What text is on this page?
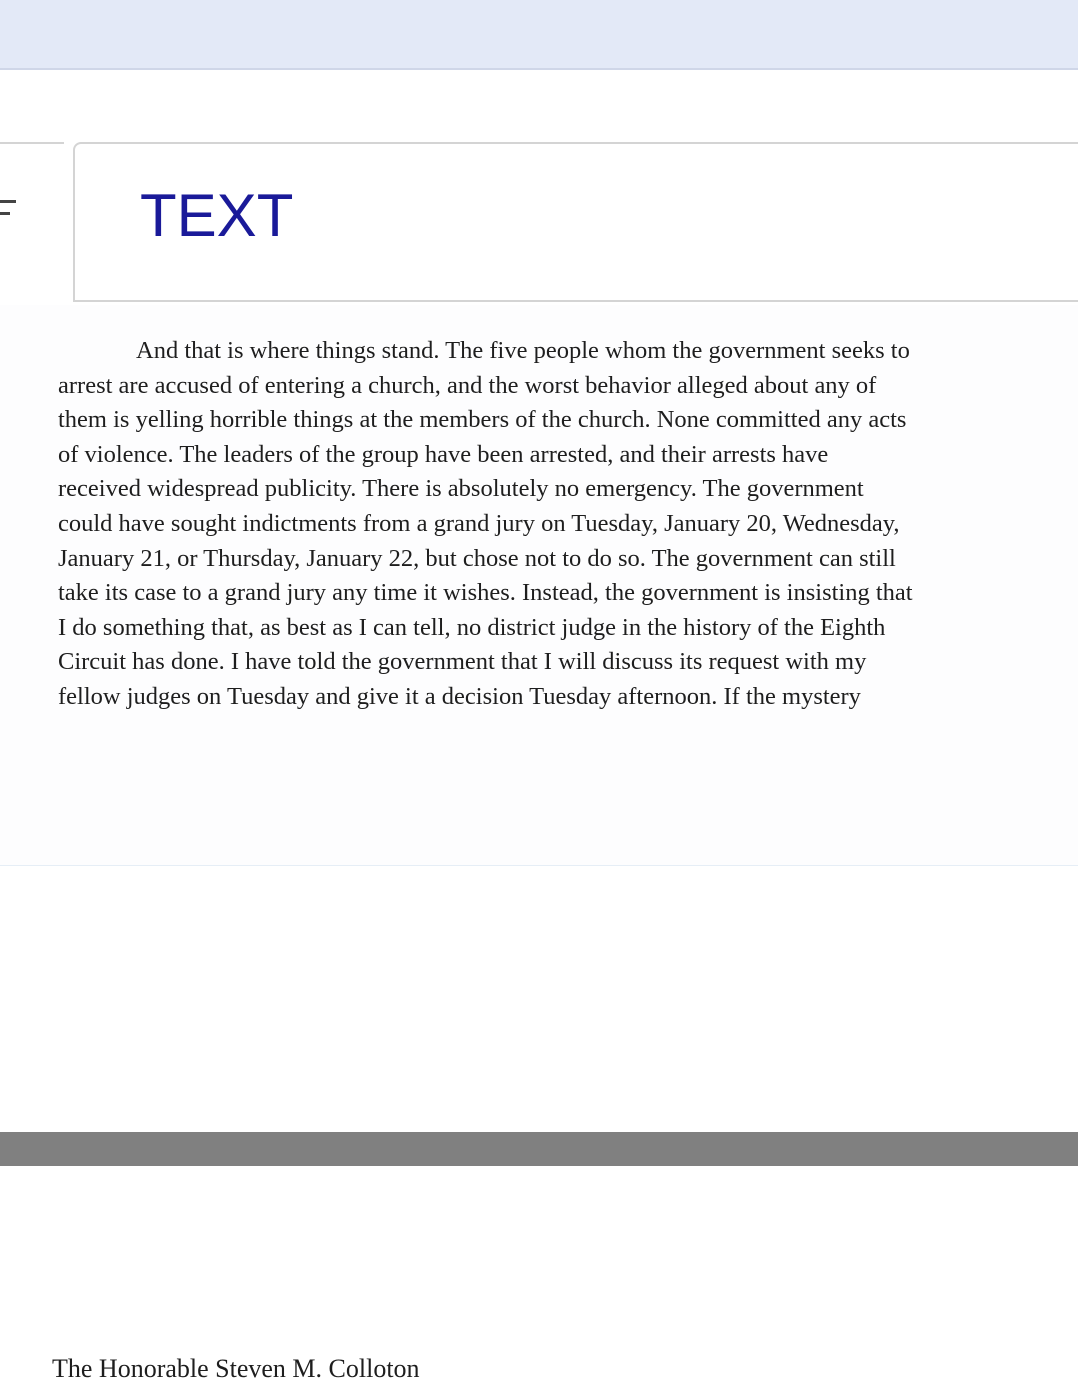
TEXT
And that is where things stand. The five people whom the government seeks to
arrest are accused of entering a church, and the worst behavior alleged about any of
them is yelling horrible things at the members of the church. None committed any acts
of violence. The leaders of the group have been arrested, and their arrests have
received widespread publicity. There is absolutely no emergency. The government
could have sought indictments from a grand jury on Tuesday, January 20, Wednesday,
January 21, or Thursday, January 22, but chose not to do so. The government can still
take its case to a grand jury any time it wishes. Instead, the government is insisting that
I do something that, as best as I can tell, no district judge in the history of the Eighth
Circuit has done. I have told the government that I will discuss its request with my
fellow judges on Tuesday and give it a decision Tuesday afternoon. If the mystery
The Honorable Steven M. Colloton
